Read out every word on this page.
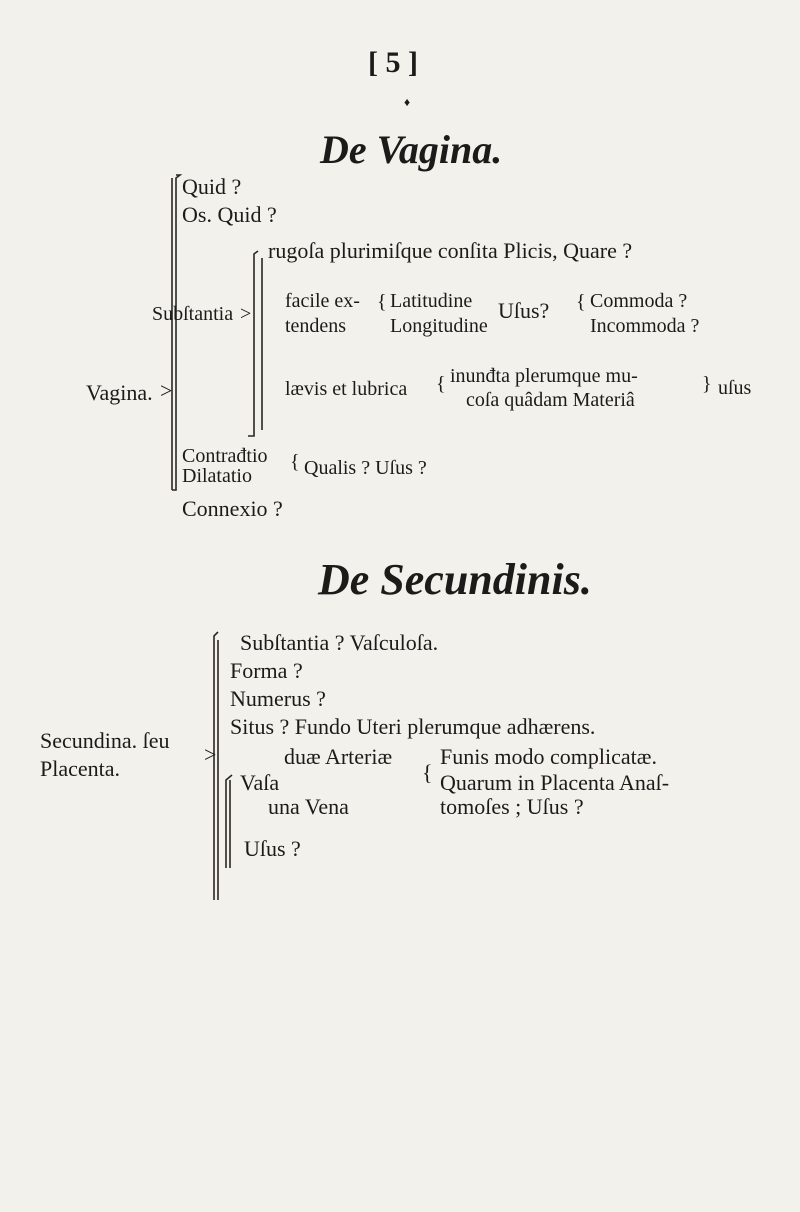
[ 5 ]
♦
De Vagina.
Vagina. >
Quid ?
Os. Quid ?
rugoſa plurimiſque conſita Plicis, Quare ?
Subſtantia >
facile ex-
tendens
{ Latitudine
Longitudine
Uſus? { Commoda ?
Incommoda ?
lævis et lubrica { inunđta plerumque mu-
coſa quâdam Materiâ
} uſus
Contrađtio
Dilatatio
{ Qualis ? Uſus ?
Connexio ?
De Secundinis.
Subſtantia ? Vaſculoſa.
Forma ?
Numerus ?
Situs ? Fundo Uteri plerumque adhærens.
Secundina. ſeu
Placenta.
>	duæ Arteriæ Funis modo complicatæ.
Vaſa
una Vena
{ Quarum in Placenta Anaſ-
tomoſes ; Uſus ?
Uſus ?
